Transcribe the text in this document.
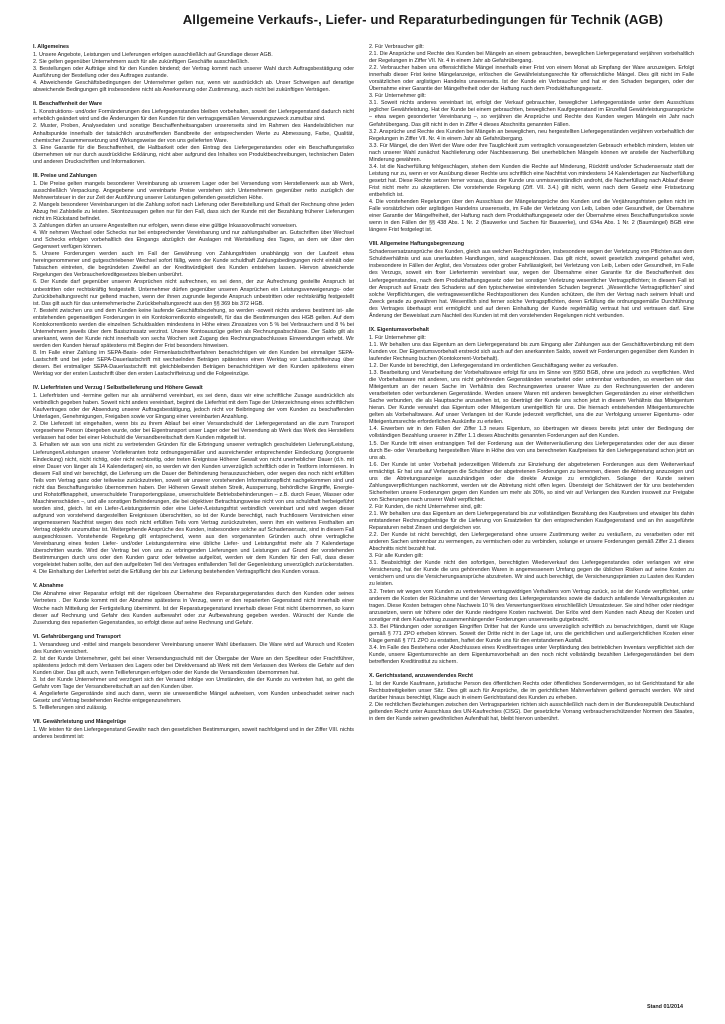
Allgemeine Verkaufs-, Liefer- und Reparaturbedingungen für Technik (AGB)
I. Allgemeines

1. Unsere Angebote, Leistungen und Lieferungen erfolgen ausschließlich auf Grundlage dieser AGB.

2. Sie gelten gegenüber Unternehmern auch für alle zukünftigen Geschäfte ausschließlich.

3. Bestellungen oder Aufträge sind für den Kunden bindend; der Vertrag kommt nach unserer Wahl durch Auftragsbestätigung oder Ausführung der Bestellung oder des Auftrages zustande.

4. Abweichende Geschäftsbedingungen der Unternehmer gelten nur, wenn wir ausdrücklich ab. Unser Schweigen auf derartige abweichende Bedingungen gilt insbesondere nicht als Anerkennung oder Zustimmung, auch nicht bei zukünftigen Verträgen.

II. Beschaffenheit der Ware

1. Konstruktions- und/oder Formänderungen des Liefergegenstandes bleiben vorbehalten, soweit der Liefergegenstand dadurch nicht erheblich geändert wird und die Änderungen für den Kunden für den vertragsgemäßen Verwendungszweck zumutbar sind.

2. Muster, Proben, Analysedaten und sonstige Beschaffenheitsangaben unsererseits sind im Rahmen des Handelsüblichen nur Anhaltspunkte innerhalb der tatsächlich anzutreffenden Bandbreite der entsprechenden Werte zu Abmessung, Farbe, Qualität, chemischer Zusammensetzung und Wirkungsweise der von uns gelieferten Ware.

3. Eine Garantie für die Beschaffenheit, die Haltbarkeit oder den Eintrag des Liefergegenstandes oder ein Beschaffungsrisiko übernehmen wir nur durch ausdrückliche Erklärung, nicht aber aufgrund des Inhaltes von Produktbeschreibungen, technischen Daten und anderen Druckschriften und Informationen.

III. Preise und Zahlungen

1. Die Preise gelten mangels besonderer Vereinbarung ab unserem Lager oder bei Versendung vom Herstellerwerk aus ab Werk, ausschließlich Verpackung. Angegebene und vereinbarte Preise verstehen sich Unternehmern gegenüber netto zuzüglich der Mehrwertsteuer in der zur Zeit der Ausführung unserer Leistungen geltenden gesetzlichen Höhe.

2. Mangels besonderer Vereinbarungen ist die Zahlung sofort nach Lieferung oder Bereitstellung und Erhalt der Rechnung ohne jeden Abzug frei Zahlstelle zu leisten. Skontozusagen gelten nur für den Fall, dass sich der Kunde mit der Bezahlung früherer Lieferungen nicht im Rückstand befindet.

3. Zahlungen dürfen an unsere Angestellten nur erfolgen, wenn diese eine gültige Inkassovollmacht vorweisen.

4. Wir nehmen Wechsel oder Schecks nur bei entsprechender Vereinbarung und nur zahlungshalber an. Gutschriften über Wechsel und Schecks erfolgen vorbehaltlich des Eingangs abzüglich der Auslagen mit Wertstellung des Tages, an dem wir über den Gegenwert verfügen können.

5. Unsere Forderungen werden auch im Fall der Gewährung von Zahlungsfristen unabhängig von der Laufzeit etwa hereingenommener und gutgeschriebener Wechsel sofort fällig, wenn der Kunde schuldhaft Zahlungsbedingungen nicht einhält oder Tatsachen eintreten, die begründeten Zweifel an der Kreditwürdigkeit des Kunden entstehen lassen. Hiervon abweichende Regelungen des Verbraucherkreditgesetzes bleiben unberührt.

6. Der Kunde darf gegenüber unseren Ansprüchen nicht aufrechnen, es sei denn, der zur Aufrechnung gestellte Anspruch ist unbestritten oder rechtskräftig festgestellt. Unternehmer dürfen gegenüber unseren Ansprüchen ein Leistungsverweigerungs- oder Zurückbehaltungsrecht nur geltend machen, wenn der ihnen zugrunde liegende Anspruch unbestritten oder rechtskräftig festgestellt ist. Das gilt auch für das unternehmerische Zurückbehaltungsrecht aus den §§ 369 bis 372 HGB.

7. Besteht zwischen uns und dem Kunden keine laufende Geschäftsbeziehung, so werden -soweit nichts anderes bestimmt ist- alle entstehenden gegenseitigen Forderungen in ein Kontokorrentkonto eingestellt, für das die Bestimmungen des HGB gelten. Auf dem Kontokorrentkonto werden die einzelnen Schuldsalden mindestens in Höhe eines Zinssatzes von 5 % bei Verbrauchern und 8 % bei Unternehmern jeweils über dem Basiszinssatz verzinst. Unsere Kontoauszüge gelten als Rechnungsabschlüsse. Der Saldo gilt als anerkannt, wenn der Kunde nicht innerhalb von sechs Wochen seit Zugang des Rechnungsabschlusses Einwendungen erhebt. Wir werden den Kunden hierauf spätestens mit Beginn der Frist besonders hinweisen.

8. Im Falle einer Zahlung im SEPA-Basis- oder Firmenlastschriftverfahren benachrichtigen wir den Kunden bei einmaliger SEPA-Lastschrift und bei jeder SEPA-Dauerlastschrift mit wechselnden Beträgen spätestens einen Werktag vor Lastschrifteinzug über diesen. Bei erstmaliger SEPA-Dauerlastschrift mit gleichbleibenden Beträgen benachrichtigen wir den Kunden spätestens einen Werktag vor der ersten Lastschrift über den ersten Lastschrifteinzug und die Folgeeinzüge.

IV. Lieferfristen und Verzug / Selbstbelieferung und Höhere Gewalt

1. Lieferfristen und -termine gelten nur als annähernd vereinbart, es sei denn, dass wir eine schriftliche Zusage ausdrücklich als verbindlich gegeben haben. Soweit nicht anders vereinbart, beginnt die Lieferfrist mit dem Tage der Unterzeichnung eines schriftlichen Kaufvertrages oder der Absendung unserer Auftragsbestätigung, jedoch nicht vor Beibringung der vom Kunden zu beschaffenden Unterlagen, Genehmigungen, Freigaben sowie vor Eingang einer vereinbarten Anzahlung.

2. Die Lieferzeit ist eingehalten, wenn bis zu ihrem Ablauf bei einer Versandschuld der Liefergegenstand an die zum Transport vorgesehene Person übergeben wurde, oder bei Eigentransport unser Lager oder bei Versendung ab Werk das Werk des Herstellers verlassen hat oder bei einer Holschuld die Versandbereitschaft dem Kunden mitgeteilt ist.

3. Erhalten wir aus von uns nicht zu vertretenden Gründen für die Erbringung unserer vertraglich geschuldeten Lieferung/Leistung, Lieferungen/Leistungen unserer Vorlieferanten trotz ordnungsgemäßer und ausreichender entsprechender Eindeckung (kongruente Eindeckung) nicht, nicht richtig, oder nicht rechtzeitig, oder treten Ereignisse Höherer Gewalt von nicht unerheblicher Dauer (d.h. mit einer Dauer von länger als 14 Kalendertagen) ein, so werden wir den Kunden unverzüglich schriftlich oder in Textform informieren. In diesem Fall sind wir berechtigt, die Lieferung um die Dauer der Behinderung herauszuschieben, oder wegen des noch nicht erfüllten Teils vom Vertrag ganz oder teilweise zurückzutreten, soweit wir unserer vorstehenden Informationspflicht nachgekommen sind und nicht das Beschaffungsrisiko übernommen haben. Der Höheren Gewalt stehen Streik, Aussperrung, behördliche Eingriffe, Energie- und Rohstoffknappheit, unverschuldete Transportengpässe, unverschuldete Betriebsbehinderungen – z.B. durch Feuer, Wasser oder Maschinenschäden –, und alle sonstigen Behinderungen, die bei objektiver Betrachtungsweise nicht von uns schuldhaft herbeigeführt worden sind, gleich. Ist ein Liefer-/Leistungstermin oder eine Liefer-/Leistungsfrist verbindlich vereinbart und wird wegen dieser aufgrund von vorstehend dargestellten Ereignissen überschritten, so ist der Kunde berechtigt, nach fruchtlosem Verstreichen einer angemessenen Nachfrist wegen des noch nicht erfüllten Teils vom Vertrag zurückzutreten, wenn ihm ein weiteres Festhalten am Vertrag objektiv unzumutbar ist. Weitergehende Ansprüche des Kunden, insbesondere solche auf Schadensersatz, sind in diesem Fall ausgeschlossen. Vorstehende Regelung gilt entsprechend, wenn aus den vorgenannten Gründen auch ohne vertragliche Vereinbarung eines festen Liefer- und/oder Leistungstermins eine übliche Liefer- und Leistungsfrist mehr als 7 Kalendertage überschritten wurde. Wird der Vertrag bei von uns zu erbringenden Lieferungen und Leistungen auf Grund der vorstehenden Bestimmungen durch uns oder den Kunden ganz oder teilweise aufgelöst, werden wir dem Kunden für den Fall, dass dieser vorgeleistet haben sollte, den auf den aufgelösten Teil des Vertrages entfallenden Teil der Gegenleistung unverzüglich zurückerstatten.

4. Die Einhaltung der Lieferfrist setzt die Erfüllung der bis zur Lieferung bestehenden Vertragspflicht des Kunden voraus.

V. Abnahme

Die Abnahme einer Reparatur erfolgt mit der rügelosen Übernahme des Reparaturgegenstandes durch den Kunden oder seines Vertreters . Der Kunde kommt mit der Abnahme spätestens in Verzug, wenn er den reparierten Gegenstand nicht innerhalb einer Woche nach Mitteilung der Fertigstellung übernimmt. Ist der Reparaturgegenstand innerhalb dieser Frist nicht übernommen, so kann dieser auf Rechnung und Gefahr des Kunden aufbewahrt oder zur Aufbewahrung gegeben werden. Wünscht der Kunde die Zusendung des reparierten Gegenstandes, so erfolgt diese auf seine Rechnung und Gefahr.

VI. Gefahrübergang und Transport

1. Versandweg und -mittel sind mangels besonderer Vereinbarung unserer Wahl überlassen. Die Ware wird auf Wunsch und Kosten des Kunden versichert.

2. Ist der Kunde Unternehmer, geht bei einer Versendungsschuld mit der Übergabe der Ware an den Spediteur oder Frachtführer, spätestens jedoch mit dem Verlassen des Lagers oder bei Direktversand ab Werk mit dem Verlassen des Werkes die Gefahr auf den Kunden über. Das gilt auch, wenn Teillieferungen erfolgen oder der Kunde die Versandkosten übernommen hat.

3. Ist der Kunde Unternehmer und verzögert sich der Versand infolge von Umständen, die der Kunde zu vertreten hat, so geht die Gefahr vom Tage der Versandbereitschaft an auf den Kunden über.

4. Angelieferte Gegenstände sind auch dann, wenn sie unwesentliche Mängel aufweisen, vom Kunden unbeschadet seiner nach Gesetz und Vertrag bestehenden Rechte entgegenzunehmen.

5. Teillieferungen sind zulässig.

VII. Gewährleistung und Mängelrüge

1. Wir leisten für den Liefergegenstand Gewähr nach den gesetzlichen Bestimmungen, soweit nachfolgend und in der Ziffer VIII. nichts anderes bestimmt ist:

2. Für Verbraucher gilt:

2.1. Die Ansprüche und Rechte des Kunden bei Mängeln an einem gebrauchten, beweglichen Liefergegenstand verjähren vorbehaltlich der Regelungen in Ziffer VII. Nr. 4 in einem Jahr ab Gefahrübergang.

2.2. Verbraucher haben uns offensichtliche Mängel innerhalb einer Frist von einem Monat ab Empfang der Ware anzuzeigen. Erfolgt innerhalb dieser Frist keine Mängelanzeige, erlöschen die Gewährleistungsrechte für offensichtliche Mängel. Dies gilt nicht im Falle vorsätzlichen oder arglistigen Handelns unsererseits. Ist der Kunde ein Verbraucher und hat er den Schaden begangen, oder der Übernahme einer Garantie der Mängelfreiheit oder der Haftung nach dem Produkthaftungsgesetz.

3. Für Unternehmer gilt:

3.1. Soweit nichts anderes vereinbart ist, erfolgt der Verkauf gebrauchter, beweglicher Liefergegenstände unter dem Ausschluss jeglicher Gewährleistung. Hat der Kunde bei einem gebrauchten, beweglichen Kaufgegenstand im Einzelfall Gewährleistungsansprüche – etwa wegen gesonderter Vereinbarung –, so verjähren die Ansprüche und Rechte des Kunden wegen Mängeln ein Jahr nach Gefahrübergang. Das gilt nicht in den in Ziffer 4 dieses Abschnitts genannten Fällen.

3.2. Ansprüche und Rechte des Kunden bei Mängeln an beweglichen, neu hergestellten Liefergegenständen verjähren vorbehaltlich der Regelungen in Ziffer VII. Nr. 4 in einem Jahr ab Gefahrübergang.

3.3. Für Mängel, die den Wert der Ware oder ihre Tauglichkeit zum vertraglich vorausgesetzten Gebrauch erheblich mindern, leisten wir nach unserer Wahl zunächst Nachlieferung oder Nachbesserung. Bei unerheblichen Mängeln können wir anstelle der Nacherfüllung Minderung gewähren.

3.4. Ist die Nacherfüllung fehlgeschlagen, stehen dem Kunden die Rechte auf Minderung, Rücktritt und/oder Schadensersatz statt der Leistung nur zu, wenn er vor Ausübung dieser Rechte uns schriftlich eine Nachfrist von mindestens 14 Kalendertagen zur Nacherfüllung gesetzt hat. Diese Rechte setzen ferner voraus, dass der Kunde uns unmissverständlich androht, die Nacherfüllung nach Ablauf dieser Frist nicht mehr zu akzeptieren. Die vorstehende Regelung (Ziff. VII. 3.4.) gilt nicht, wenn nach dem Gesetz eine Fristsetzung entbehrlich ist.

4. Die vorstehenden Regelungen über den Ausschluss der Mängelansprüche des Kunden und die Verjährungsfristen gelten nicht im Falle vorsätzlichen oder arglistigen Handelns unsererseits, im Falle der Verletzung von Leib, Leben oder Gesundheit, der Übernahme einer Garantie der Mängelfreiheit, der Haftung nach dem Produkthaftungsgesetz oder der Übernahme eines Beschaffungsrisikos sowie wenn in den Fällen der §§ 438 Abs. 1 Nr. 2 (Bauwerke und Sachen für Bauwerke), und 634a Abs. 1 Nr. 2 (Baumängel) BGB eine längere Frist festgelegt ist.

VIII. Allgemeine Haftungsbegrenzung

Schadensersatzansprüche des Kunden, gleich aus welchen Rechtsgründen, insbesondere wegen der Verletzung von Pflichten aus dem Schuldverhältnis und aus unerlaubten Handlungen, sind ausgeschlossen. Das gilt nicht, soweit gesetzlich zwingend gehaftet wird, insbesondere in Fällen der Arglist, des Vorsatzes oder grober Fahrlässigkeit, bei Verletzung von Leib, Leben oder Gesundheit, im Falle des Verzugs, soweit ein fixer Liefertermin vereinbart war, wegen der Übernahme einer Garantie für die Beschaffenheit des Liefergegenstandes, nach dem Produkthaftungsgesetz oder bei sonstiger Verletzung wesentlicher Vertragspflichten; in diesem Fall ist der Anspruch auf Ersatz des Schadens auf den typischerweise eintretenden Schaden begrenzt. „Wesentliche Vertragspflichten“ sind solche Verpflichtungen, die vertragswesentliche Rechtspositionen des Kunden schützen, die ihm der Vertrag nach seinem Inhalt und Zweck gerade zu gewähren hat. Wesentlich sind ferner solche Vertragspflichten, deren Erfüllung die ordnungsgemäße Durchführung des Vertrages überhaupt erst ermöglicht und auf deren Einhaltung der Kunde regelmäßig vertraut hat und vertrauen darf. Eine Änderung der Beweislast zum Nachteil des Kunden ist mit den vorstehenden Regelungen nicht verbunden.

IX. Eigentumsvorbehalt

1. Für Unternehmer gilt:

1.1. Wir behalten uns das Eigentum an dem Liefergegenstand bis zum Eingang aller Zahlungen aus der Geschäftsverbindung mit dem Kunden vor. Der Eigentumsvorbehalt erstreckt sich auch auf den anerkannten Saldo, soweit wir Forderungen gegenüber dem Kunden in laufender Rechnung buchen (Kontokorrent-Vorbehalt).

1.2. Der Kunde ist berechtigt, den Liefergegenstand im ordentlichen Geschäftsgang weiter zu verkaufen.

1.3. Bearbeitung und Verarbeitung der Vorbehaltsware erfolgt für uns im Sinne von §950 BGB, ohne uns jedoch zu verpflichten. Wird die Vorbehaltsware mit anderen, uns nicht gehörenden Gegenständen verarbeitet oder untrennbar verbunden, so erwerben wir das Miteigentum an der neuen Sache im Verhältnis des Rechnungswertes unserer Ware zu den Rechnungswerten der anderen verarbeiteten oder verbundenen Gegenstände. Werden unsere Waren mit anderen beweglichen Gegenständen zu einer einheitlichen Sache verbunden, die als Hauptsache anzusehen ist, so überträgt der Kunde uns schon jetzt in diesem Verhältnis das Miteigentum hieran. Der Kunde verwahrt das Eigentum oder Miteigentum unentgeltlich für uns. Die hiernach entstehenden Miteigentumsrechte gelten als Vorbehaltsware. Auf unser Verlangen ist der Kunde jederzeit verpflichtet, uns die zur Verfolgung unserer Eigentums- oder Miteigentumsrechte erforderlichen Auskünfte zu erteilen.

1.4. Erwerben wir in den Fällen der Ziffer 1.3 neues Eigentum, so übertragen wir dieses bereits jetzt unter der Bedingung der vollständigen Bezahlung unserer in Ziffer 1.1 dieses Abschnitts genannten Forderungen auf den Kunden.

1.5. Der Kunde tritt einen erstrangigen Teil der Forderung aus der Weiterveräußerung des Liefergegenstandes oder der aus dieser durch Be- oder Verarbeitung hergestellten Ware in Höhe des von uns berechneten Kaufpreises für den Liefergegenstand schon jetzt an uns ab.

1.6. Der Kunde ist unter Vorbehalt jederzeitigen Widerrufs zur Einziehung der abgetretenen Forderungen aus dem Weiterverkauf ermächtigt. Er hat uns auf Verlangen die Schuldner der abgetretenen Forderungen zu benennen, diesen die Abtretung anzuzeigen und uns die Abtretungsanzeige auszuhändigen oder die direkte Anzeige zu ermöglichen. Solange der Kunde seinen Zahlungsverpflichtungen nachkommt, werden wir die Abtretung nicht offen legen. Übersteigt der Schätzwert der für uns bestehenden Sicherheiten unsere Forderungen gegen den Kunden um mehr als 30%, so sind wir auf Verlangen des Kunden insoweit zur Freigabe von Sicherungen nach unserer Wahl verpflichtet.

2. Für Kunden, die nicht Unternehmer sind, gilt:

2.1. Wir behalten uns das Eigentum an dem Liefergegenstand bis zur vollständigen Bezahlung des Kaufpreises und etwaiger bis dahin entstandener Rechnungsbeträge für die Lieferung von Ersatzteilen für den entsprechenden Kaufgegenstand und an ihn ausgeführte Reparaturen nebst Zinsen und dergleichen vor.

2.2. Der Kunde ist nicht berechtigt, den Liefergegenstand ohne unsere Zustimmung weiter zu veräußern, zu verarbeiten oder mit anderen Sachen untrennbar zu vermengen, zu vermischen oder zu verbinden, solange er unsere Forderungen gemäß Ziffer 2.1 dieses Abschnitts nicht bezahlt hat.

3. Für alle Kunden gilt:

3.1. Beabsichtigt der Kunde nicht den sofortigen, berechtigten Wiederverkauf des Liefergegenstandes oder verlangen wir eine Versicherung, hat der Kunde die uns gehörenden Waren in angemessenem Umfang gegen die üblichen Risiken auf seine Kosten zu versichern und uns die Versicherungsansprüche abzutreten. Wir sind auch berechtigt, die Versicherungsprämien zu Lasten des Kunden zu leisten.

3.2. Treten wir wegen vom Kunden zu vertretenen vertragswidrigen Verhaltens vom Vertrag zurück, so ist der Kunde verpflichtet, unter anderem die Kosten der Rücknahme und der Verwertung des Liefergegenstandes sowie die dadurch anfallende Verwaltungskosten zu tragen. Diese Kosten betragen ohne Nachweis 10 % des Verwertungserlöses einschließlich Umsatzsteuer. Sie sind höher oder niedriger anzusetzen, wenn wir höhere oder der Kunde niedrigere Kosten nachweist. Der Erlös wird dem Kunden nach Abzug der Kosten und sonstiger mit dem Kaufvertrag zusammenhängender Forderungen unsererseits gutgebracht.

3.3. Bei Pfändungen oder sonstigen Eingriffen Dritter hat der Kunde uns unverzüglich schriftlich zu benachrichtigen, damit wir Klage gemäß § 771 ZPO erheben können. Soweit der Dritte nicht in der Lage ist, uns die gerichtlichen und außergerichtlichen Kosten einer Klage gemäß § 771 ZPO zu erstatten, haftet der Kunde uns für den entstandenen Ausfall.

3.4. Im Falle des Bestehens oder Abschlusses eines Kreditvertrages unter Verpfändung des betrieblichen Inventars verpflichtet sich der Kunde, unsere Eigentumsrechte an dem Eigentumsvorbehalt an den noch nicht vollständig bezahlten Liefergegenständen bei dem betreffenden Kreditinstitut zu sichern.

X. Gerichtsstand, anzuwendendes Recht

1. Ist der Kunde Kaufmann, juristische Person des öffentlichen Rechts oder öffentliches Sondervermögen, so ist Gerichtsstand für alle Rechtsstreitigkeiten unser Sitz. Dies gilt auch für Ansprüche, die im gerichtlichen Mahnverfahren geltend gemacht werden. Wir sind darüber hinaus berechtigt, Klage auch in einem Gerichtsstand des Kunden zu erheben.

2. Die rechtlichen Beziehungen zwischen den Vertragsparteien richten sich ausschließlich nach dem in der Bundesrepublik Deutschland geltenden Recht unter Ausschluss des UN-Kaufrechtes (CISG). Der gesetzliche Vorrang verbraucherschützender Normen des Staates, in dem der Kunde seinen gewöhnlichen Aufenthalt hat, bleibt hiervon unberührt.

Stand 01/2014
